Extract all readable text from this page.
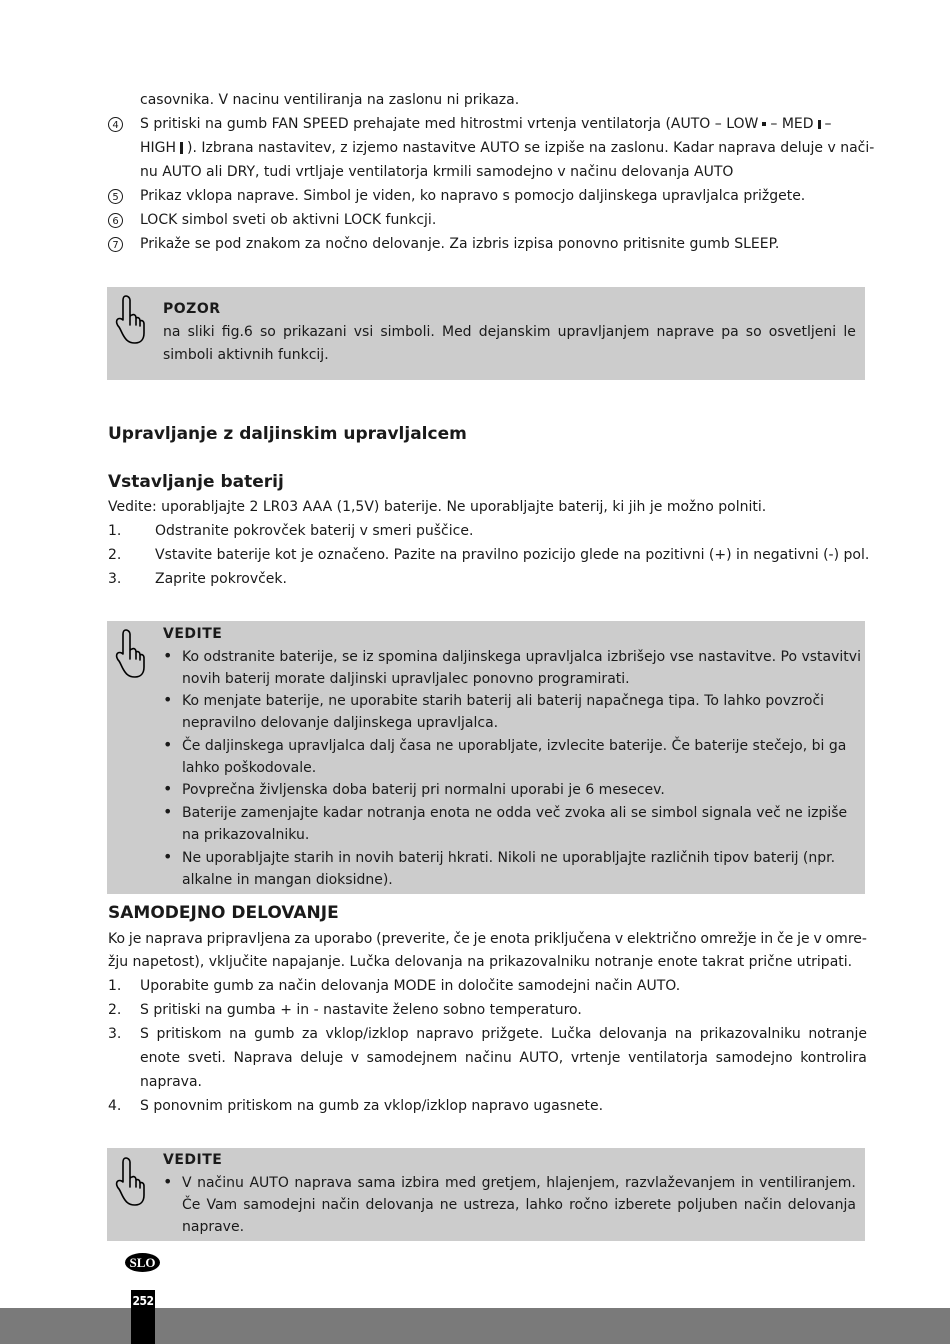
casovnika. V nacinu ventiliranja na zaslonu ni prikaza.
4	S pritiski na gumb FAN SPEED prehajate med hitrostmi vrtenja ventilatorja (AUTO – LOW – MED –
HIGH ). Izbrana nastavitev, z izjemo nastavitve AUTO se izpiše na zaslonu. Kadar naprava deluje v nači-
nu AUTO ali DRY, tudi vrtljaje ventilatorja krmili samodejno v načinu delovanja AUTO
5	Prikaz vklopa naprave. Simbol je viden, ko napravo s pomocjo daljinskega upravljalca prižgete.
6	LOCK simbol sveti ob aktivni LOCK funkcji.
7	Prikaže se pod znakom za nočno delovanje. Za izbris izpisa ponovno pritisnite gumb SLEEP.
POZOR
na sliki fig.6 so prikazani vsi simboli. Med dejanskim upravljanjem naprave pa so osvetljeni le
simboli aktivnih funkcij.
Upravljanje z daljinskim upravljalcem
Vstavljanje baterij
Vedite: uporabljajte 2 LR03 AAA (1,5V) baterije. Ne uporabljajte baterij, ki jih je možno polniti.
1. Odstranite pokrovček baterij v smeri puščice.
2. Vstavite baterije kot je označeno. Pazite na pravilno pozicijo glede na pozitivni (+) in negativni (-) pol.
3. Zaprite pokrovček.
VEDITE
• Ko odstranite baterije, se iz spomina daljinskega upravljalca izbrišejo vse nastavitve. Po vstavitvi
novih baterij morate daljinski upravljalec ponovno programirati.
• Ko menjate baterije, ne uporabite starih baterij ali baterij napačnega tipa. To lahko povzroči
nepravilno delovanje daljinskega upravljalca.
• Če daljinskega upravljalca dalj časa ne uporabljate, izvlecite baterije. Če baterije stečejo, bi ga
lahko poškodovale.
• Povprečna življenska doba baterij pri normalni uporabi je 6 mesecev.
• Baterije zamenjajte kadar notranja enota ne odda več zvoka ali se simbol signala več ne izpiše
na prikazovalniku.
• Ne uporabljajte starih in novih baterij hkrati. Nikoli ne uporabljajte različnih tipov baterij (npr.
alkalne in mangan dioksidne).
SAMODEJNO DELOVANJE
Ko je naprava pripravljena za uporabo (preverite, če je enota priključena v električno omrežje in če je v omre-
žju napetost), vključite napajanje. Lučka delovanja na prikazovalniku notranje enote takrat prične utripati.
1. Uporabite gumb za način delovanja MODE in določite samodejni način AUTO.
2. S pritiski na gumba + in - nastavite želeno sobno temperaturo.
3. S pritiskom na gumb za vklop/izklop napravo prižgete. Lučka delovanja na prikazovalniku notranje
enote sveti. Naprava deluje v samodejnem načinu AUTO, vrtenje ventilatorja samodejno kontrolira
naprava.
4. S ponovnim pritiskom na gumb za vklop/izklop napravo ugasnete.
VEDITE
• V načinu AUTO naprava sama izbira med gretjem, hlajenjem, razvlaževanjem in ventiliranjem.
Če Vam samodejni način delovanja ne ustreza, lahko ročno izberete poljuben način delovanja
naprave.
SLO
252
